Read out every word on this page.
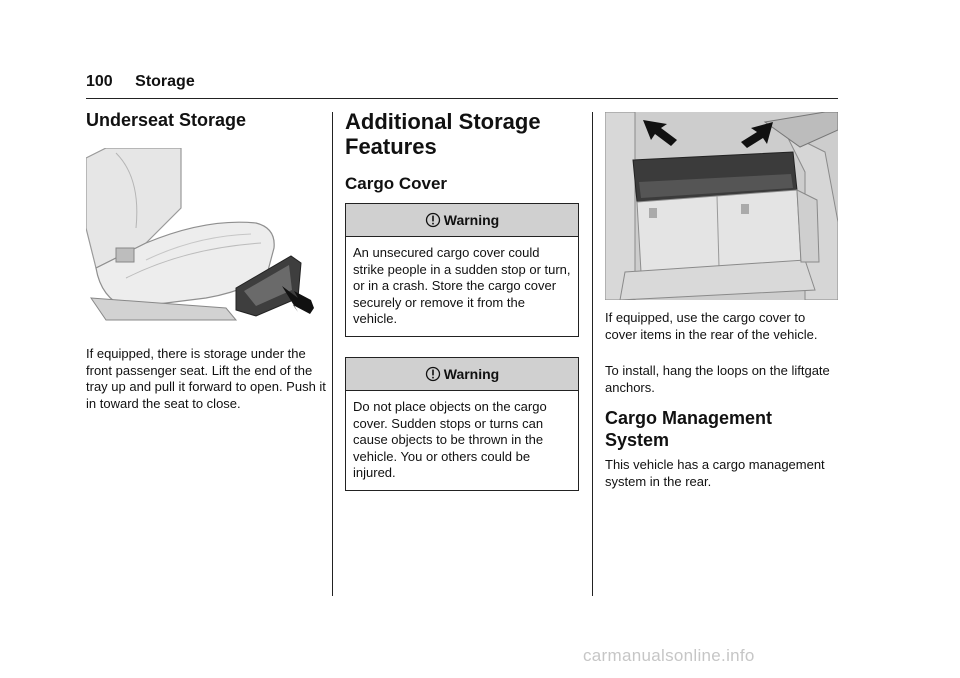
100 Storage
Underseat Storage
If equipped, there is storage under the front passenger seat. Lift the end of the tray up and pull it forward to open. Push it in toward the seat to close.
Additional Storage Features
Cargo Cover
Warning
An unsecured cargo cover could strike people in a sudden stop or turn, or in a crash. Store the cargo cover securely or remove it from the vehicle.
Warning
Do not place objects on the cargo cover. Sudden stops or turns can cause objects to be thrown in the vehicle. You or others could be injured.
If equipped, use the cargo cover to cover items in the rear of the vehicle.
To install, hang the loops on the liftgate anchors.
Cargo Management System
This vehicle has a cargo management system in the rear.
carmanualsonline.info
